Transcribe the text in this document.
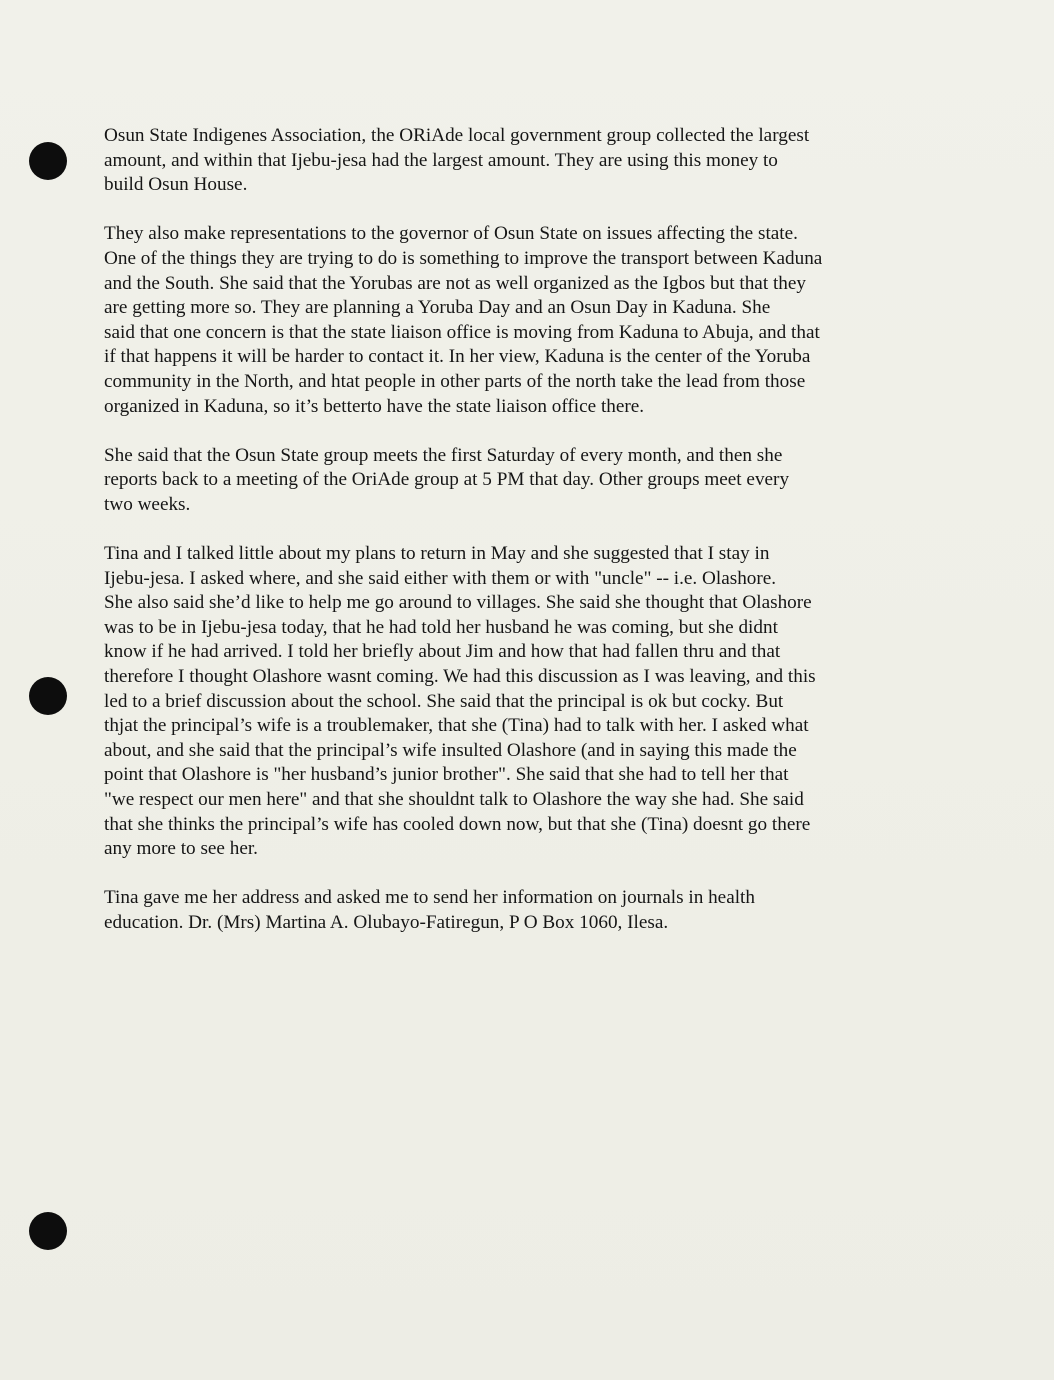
Osun State Indigenes Association, the ORiAde local government group collected the largest
amount, and within that Ijebu-jesa had the largest amount. They are using this money to
build Osun House.

They also make representations to the governor of Osun State on issues affecting the state.
One of the things they are trying to do is something to improve the transport between Kaduna
and the South. She said that the Yorubas are not as well organized as the Igbos but that they
are getting more so. They are planning a Yoruba Day and an Osun Day in Kaduna. She
said that one concern is that the state liaison office is moving from Kaduna to Abuja, and that
if that happens it will be harder to contact it. In her view, Kaduna is the center of the Yoruba
community in the North, and htat people in other parts of the north take the lead from those
organized in Kaduna, so it’s betterto have the state liaison office there.

She said that the Osun State group meets the first Saturday of every month, and then she
reports back to a meeting of the OriAde group at 5 PM that day. Other groups meet every
two weeks.

Tina and I talked little about my plans to return in May and she suggested that I stay in
Ijebu-jesa. I asked where, and she said either with them or with "uncle" -- i.e. Olashore.
She also said she’d like to help me go around to villages. She said she thought that Olashore
was to be in Ijebu-jesa today, that he had told her husband he was coming, but she didnt
know if he had arrived. I told her briefly about Jim and how that had fallen thru and that
therefore I thought Olashore wasnt coming. We had this discussion as I was leaving, and this
led to a brief discussion about the school. She said that the principal is ok but cocky. But
thjat the principal’s wife is a troublemaker, that she (Tina) had to talk with her. I asked what
about, and she said that the principal’s wife insulted Olashore (and in saying this made the
point that Olashore is "her husband’s junior brother". She said that she had to tell her that
"we respect our men here" and that she shouldnt talk to Olashore the way she had. She said
that she thinks the principal’s wife has cooled down now, but that she (Tina) doesnt go there
any more to see her.

Tina gave me her address and asked me to send her information on journals in health
education. Dr. (Mrs) Martina A. Olubayo-Fatiregun, P O Box 1060, Ilesa.
